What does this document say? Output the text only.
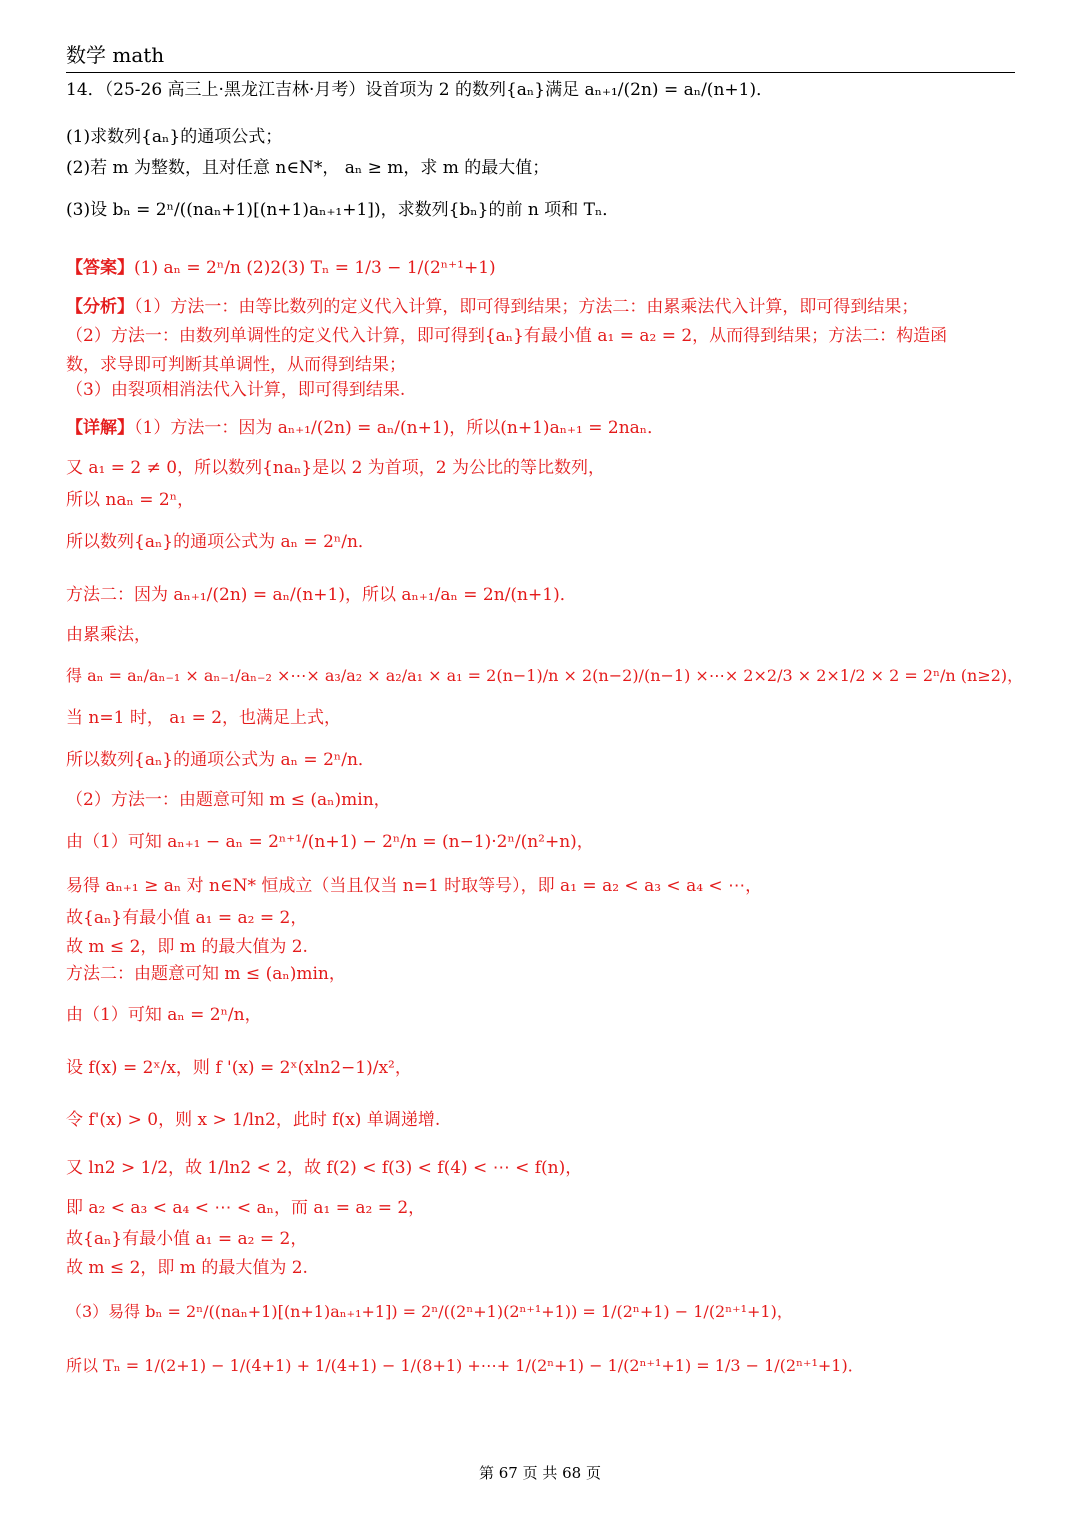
数学 math
14．（25-26 高三上·黑龙江吉林·月考）设首项为 2 的数列{aₙ}满足 aₙ₊₁/(2n) = aₙ/(n+1)．
(1)求数列{aₙ}的通项公式；
(2)若 m 为整数，且对任意 n∈N*， aₙ ≥ m，求 m 的最大值；
(3)设 bₙ = 2ⁿ/((naₙ+1)[(n+1)aₙ₊₁+1])，求数列{bₙ}的前 n 项和 Tₙ．
【答案】(1) aₙ = 2ⁿ/n (2)2(3) Tₙ = 1/3 − 1/(2ⁿ⁺¹+1)
【分析】（1）方法一：由等比数列的定义代入计算，即可得到结果；方法二：由累乘法代入计算，即可得到结果；
（2）方法一：由数列单调性的定义代入计算，即可得到{aₙ}有最小值 a₁ = a₂ = 2，从而得到结果；方法二：构造函
数，求导即可判断其单调性，从而得到结果；
（3）由裂项相消法代入计算，即可得到结果.
【详解】（1）方法一：因为 aₙ₊₁/(2n) = aₙ/(n+1)，所以(n+1)aₙ₊₁ = 2naₙ．
又 a₁ = 2 ≠ 0，所以数列{naₙ}是以 2 为首项，2 为公比的等比数列，
所以 naₙ = 2ⁿ，
所以数列{aₙ}的通项公式为 aₙ = 2ⁿ/n．
方法二：因为 aₙ₊₁/(2n) = aₙ/(n+1)，所以 aₙ₊₁/aₙ = 2n/(n+1)．
由累乘法，
得 aₙ = aₙ/aₙ₋₁ × aₙ₋₁/aₙ₋₂ ×⋯× a₃/a₂ × a₂/a₁ × a₁ = 2(n−1)/n × 2(n−2)/(n−1) ×⋯× 2×2/3 × 2×1/2 × 2 = 2ⁿ/n (n≥2)，
当 n=1 时， a₁ = 2，也满足上式，
所以数列{aₙ}的通项公式为 aₙ = 2ⁿ/n．
（2）方法一：由题意可知 m ≤ (aₙ)min，
由（1）可知 aₙ₊₁ − aₙ = 2ⁿ⁺¹/(n+1) − 2ⁿ/n = (n−1)·2ⁿ/(n²+n)，
易得 aₙ₊₁ ≥ aₙ 对 n∈N* 恒成立（当且仅当 n=1 时取等号），即 a₁ = a₂ < a₃ < a₄ < ⋯，
故{aₙ}有最小值 a₁ = a₂ = 2，
故 m ≤ 2，即 m 的最大值为 2.
方法二：由题意可知 m ≤ (aₙ)min，
由（1）可知 aₙ = 2ⁿ/n，
设 f(x) = 2ˣ/x，则 f '(x) = 2ˣ(xln2−1)/x²，
令 f'(x) > 0，则 x > 1/ln2，此时 f(x) 单调递增.
又 ln2 > 1/2，故 1/ln2 < 2，故 f(2) < f(3) < f(4) < ⋯ < f(n)，
即 a₂ < a₃ < a₄ < ⋯ < aₙ，而 a₁ = a₂ = 2，
故{aₙ}有最小值 a₁ = a₂ = 2，
故 m ≤ 2，即 m 的最大值为 2.
（3）易得 bₙ = 2ⁿ/((naₙ+1)[(n+1)aₙ₊₁+1]) = 2ⁿ/((2ⁿ+1)(2ⁿ⁺¹+1)) = 1/(2ⁿ+1) − 1/(2ⁿ⁺¹+1)，
所以 Tₙ = 1/(2+1) − 1/(4+1) + 1/(4+1) − 1/(8+1) +⋯+ 1/(2ⁿ+1) − 1/(2ⁿ⁺¹+1) = 1/3 − 1/(2ⁿ⁺¹+1)．
第 67 页 共 68 页
